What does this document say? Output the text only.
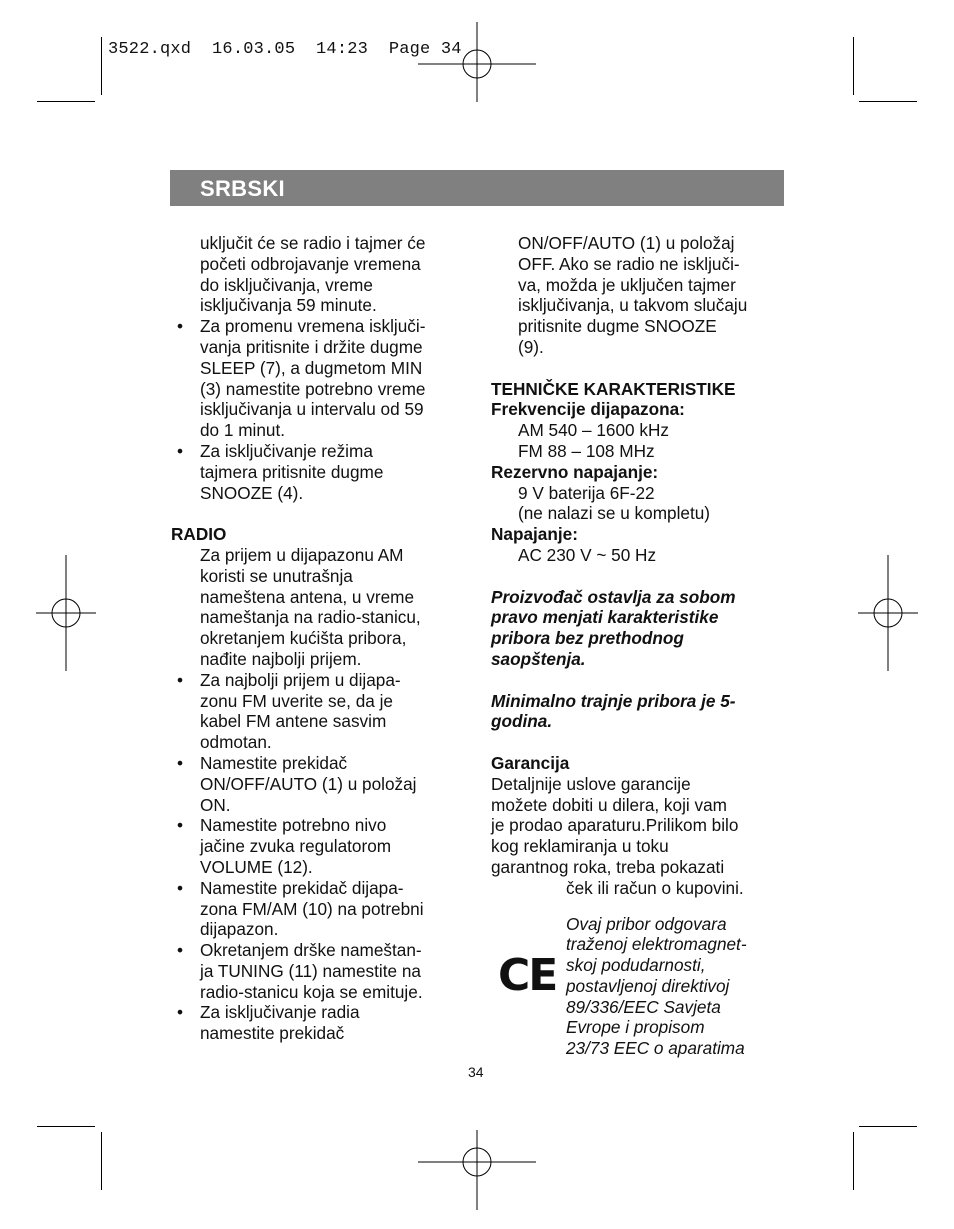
3522.qxd  16.03.05  14:23  Page 34
SRBSKI

uključit će se radio i tajmer će

početi odbrojavanje vremena

do isključivanja, vreme

isključivanja 59 minute.

• Za promenu vremena isključi-

vanja pritisnite i držite dugme

SLEEP (7), a dugmetom MIN

(3) namestite potrebno vreme

isključivanja u intervalu od 59

do 1 minut.

• Za isključivanje režima

tajmera pritisnite dugme

SNOOZE (4).

RADIO

Za prijem u dijapazonu AM

koristi se unutrašnja

nameštena antena, u vreme

nameštanja na radio-stanicu,

okretanjem kućišta pribora,

nađite najbolji prijem.

• Za najbolji prijem u dijapa-

zonu FM uverite se, da je

kabel FM antene sasvim

odmotan.

• Namestite prekidač

ON/OFF/AUTO (1) u položaj

ON.

• Namestite potrebno nivo

jačine zvuka regulatorom

VOLUME (12).

• Namestite prekidač dijapa-

zona FM/AM (10) na potrebni

dijapazon.

• Okretanjem drške nameštan-

ja TUNING (11) namestite na

radio-stanicu koja se emituje.

• Za isključivanje radia

namestite prekidač

ON/OFF/AUTO (1) u položaj

OFF. Ako se radio ne isključi-

va, možda je uključen tajmer

isključivanja, u takvom slučaju

pritisnite dugme SNOOZE

(9).

TEHNIČKE KARAKTERISTIKE

Frekvencije dijapazona:

AM 540 – 1600 kHz

FM 88 – 108 MHz

Rezervno napajanje:

9 V baterija 6F-22

(ne nalazi se u kompletu)

Napajanje:

AC 230 V ~ 50 Hz

Proizvođač ostavlja za sobom

pravo menjati karakteristike

pribora bez prethodnog

saopštenja.

Minimalno trajnje pribora je 5-

godina.

Garancija

Detaljnije uslove garancije

možete dobiti u dilera, koji vam

je prodao aparaturu.Prilikom bilo

kog reklamiranja u toku

garantnog roka, treba pokazati

ček ili račun o kupovini.

Ovaj pribor odgovara

traženoj elektromagnet-

skoj podudarnosti,

postavljenoj direktivoj

89/336/EEC Savjeta

Evrope i propisom

23/73 EEC o aparatima

CE
34
